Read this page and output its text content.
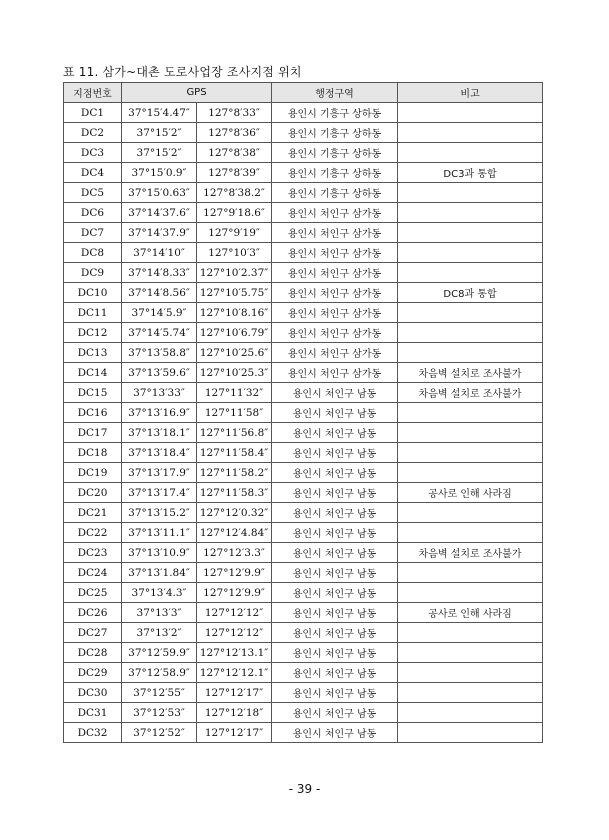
표 11. 삼가~대촌 도로사업장 조사지점 위치
지점번호	GPS		행정구역	비고
DC1	37°15′4.47″	127°8′33″	용인시 기흥구 상하동	
DC2	37°15′2″	127°8′36″	용인시 기흥구 상하동	
DC3	37°15′2″	127°8′38″	용인시 기흥구 상하동	
DC4	37°15′0.9″	127°8′39″	용인시 기흥구 상하동	DC3과 통합
DC5	37°15′0.63″	127°8′38.2″	용인시 기흥구 상하동	
DC6	37°14′37.6″	127°9′18.6″	용인시 처인구 삼가동	
DC7	37°14′37.9″	127°9′19″	용인시 처인구 삼가동	
DC8	37°14′10″	127°10′3″	용인시 처인구 삼가동	
DC9	37°14′8.33″	127°10′2.37″	용인시 처인구 삼가동	
DC10	37°14′8.56″	127°10′5.75″	용인시 처인구 삼가동	DC8과 통합
DC11	37°14′5.9″	127°10′8.16″	용인시 처인구 삼가동	
DC12	37°14′5.74″	127°10′6.79″	용인시 처인구 삼가동	
DC13	37°13′58.8″	127°10′25.6″	용인시 처인구 삼가동	
DC14	37°13′59.6″	127°10′25.3″	용인시 처인구 삼가동	차음벽 설치로 조사불가
DC15	37°13′33″	127°11′32″	용인시 처인구 남동	차음벽 설치로 조사불가
DC16	37°13′16.9″	127°11′58″	용인시 처인구 남동	
DC17	37°13′18.1″	127°11′56.8″	용인시 처인구 남동	
DC18	37°13′18.4″	127°11′58.4″	용인시 처인구 남동	
DC19	37°13′17.9″	127°11′58.2″	용인시 처인구 남동	
DC20	37°13′17.4″	127°11′58.3″	용인시 처인구 남동	공사로 인해 사라짐
DC21	37°13′15.2″	127°12′0.32″	용인시 처인구 남동	
DC22	37°13′11.1″	127°12′4.84″	용인시 처인구 남동	
DC23	37°13′10.9″	127°12′3.3″	용인시 처인구 남동	차음벽 설치로 조사불가
DC24	37°13′1.84″	127°12′9.9″	용인시 처인구 남동	
DC25	37°13′4.3″	127°12′9.9″	용인시 처인구 남동	
DC26	37°13′3″	127°12′12″	용인시 처인구 남동	공사로 인해 사라짐
DC27	37°13′2″	127°12′12″	용인시 처인구 남동	
DC28	37°12′59.9″	127°12′13.1″	용인시 처인구 남동	
DC29	37°12′58.9″	127°12′12.1″	용인시 처인구 남동	
DC30	37°12′55″	127°12′17″	용인시 처인구 남동	
DC31	37°12′53″	127°12′18″	용인시 처인구 남동	
DC32	37°12′52″	127°12′17″	용인시 처인구 남동	
- 39 -
